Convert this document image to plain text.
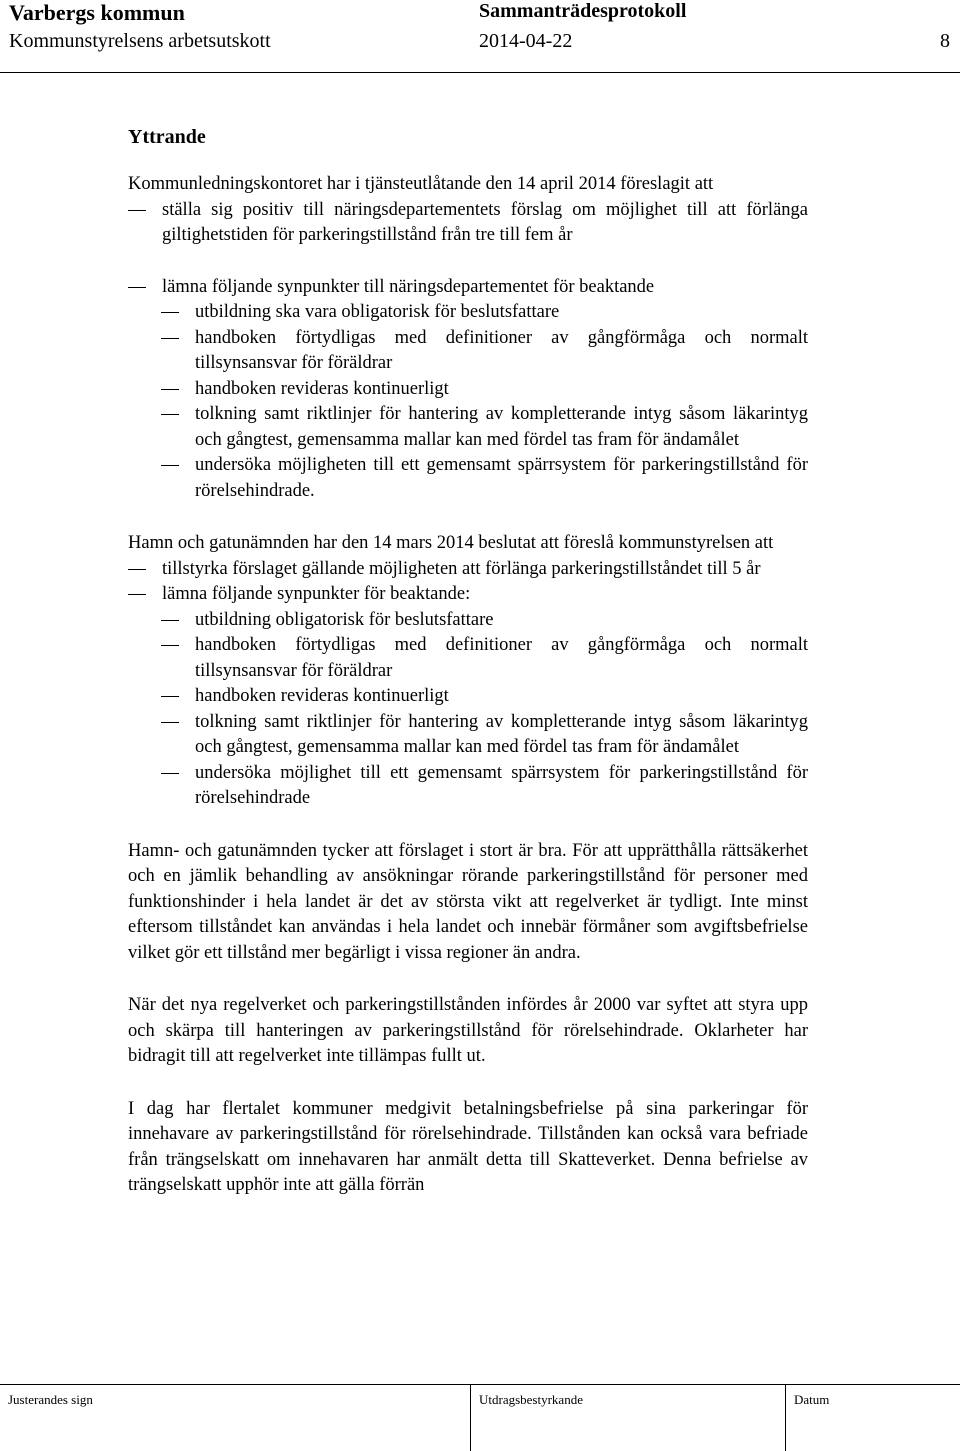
Varbergs kommun	Sammanträdesprotokoll
Kommunstyrelsens arbetsutskott	2014-04-22	8
Yttrande

Kommunledningskontoret har i tjänsteutlåtande den 14 april 2014 föreslagit att

ställa sig positiv till näringsdepartementets förslag om möjlighet till att förlänga giltighetstiden för parkeringstillstånd från tre till fem år
lämna följande synpunkter till näringsdepartementet för beaktande
utbildning ska vara obligatorisk för beslutsfattare
handboken förtydligas med definitioner av gångförmåga och normalt tillsynsansvar för föräldrar
handboken revideras kontinuerligt
tolkning samt riktlinjer för hantering av kompletterande intyg såsom läkarintyg och gångtest, gemensamma mallar kan med fördel tas fram för ändamålet
undersöka möjligheten till ett gemensamt spärrsystem för parkeringstillstånd för rörelsehindrade.

Hamn och gatunämnden har den 14 mars 2014 beslutat att föreslå kommunstyrelsen att

tillstyrka förslaget gällande möjligheten att förlänga parkeringstillståndet till 5 år
lämna följande synpunkter för beaktande:
utbildning obligatorisk för beslutsfattare
handboken förtydligas med definitioner av gångförmåga och normalt tillsynsansvar för föräldrar
handboken revideras kontinuerligt
tolkning samt riktlinjer för hantering av kompletterande intyg såsom läkarintyg och gångtest, gemensamma mallar kan med fördel tas fram för ändamålet
undersöka möjlighet till ett gemensamt spärrsystem för parkeringstillstånd för rörelsehindrade

Hamn- och gatunämnden tycker att förslaget i stort är bra. För att upprätthålla rättsäkerhet och en jämlik behandling av ansökningar rörande parkeringstillstånd för personer med funktionshinder i hela landet är det av största vikt att regelverket är tydligt. Inte minst eftersom tillståndet kan användas i hela landet och innebär förmåner som avgiftsbefrielse vilket gör ett tillstånd mer begärligt i vissa regioner än andra.

När det nya regelverket och parkeringstillstånden infördes år 2000 var syftet att styra upp och skärpa till hanteringen av parkeringstillstånd för rörelsehindrade. Oklarheter har bidragit till att regelverket inte tillämpas fullt ut.

I dag har flertalet kommuner medgivit betalningsbefrielse på sina parkeringar för innehavare av parkeringstillstånd för rörelsehindrade. Tillstånden kan också vara befriade från trängselskatt om innehavaren har anmält detta till Skatteverket. Denna befrielse av trängselskatt upphör inte att gälla förrän

Justerandes sign	Utdragsbestyrkande	Datum
